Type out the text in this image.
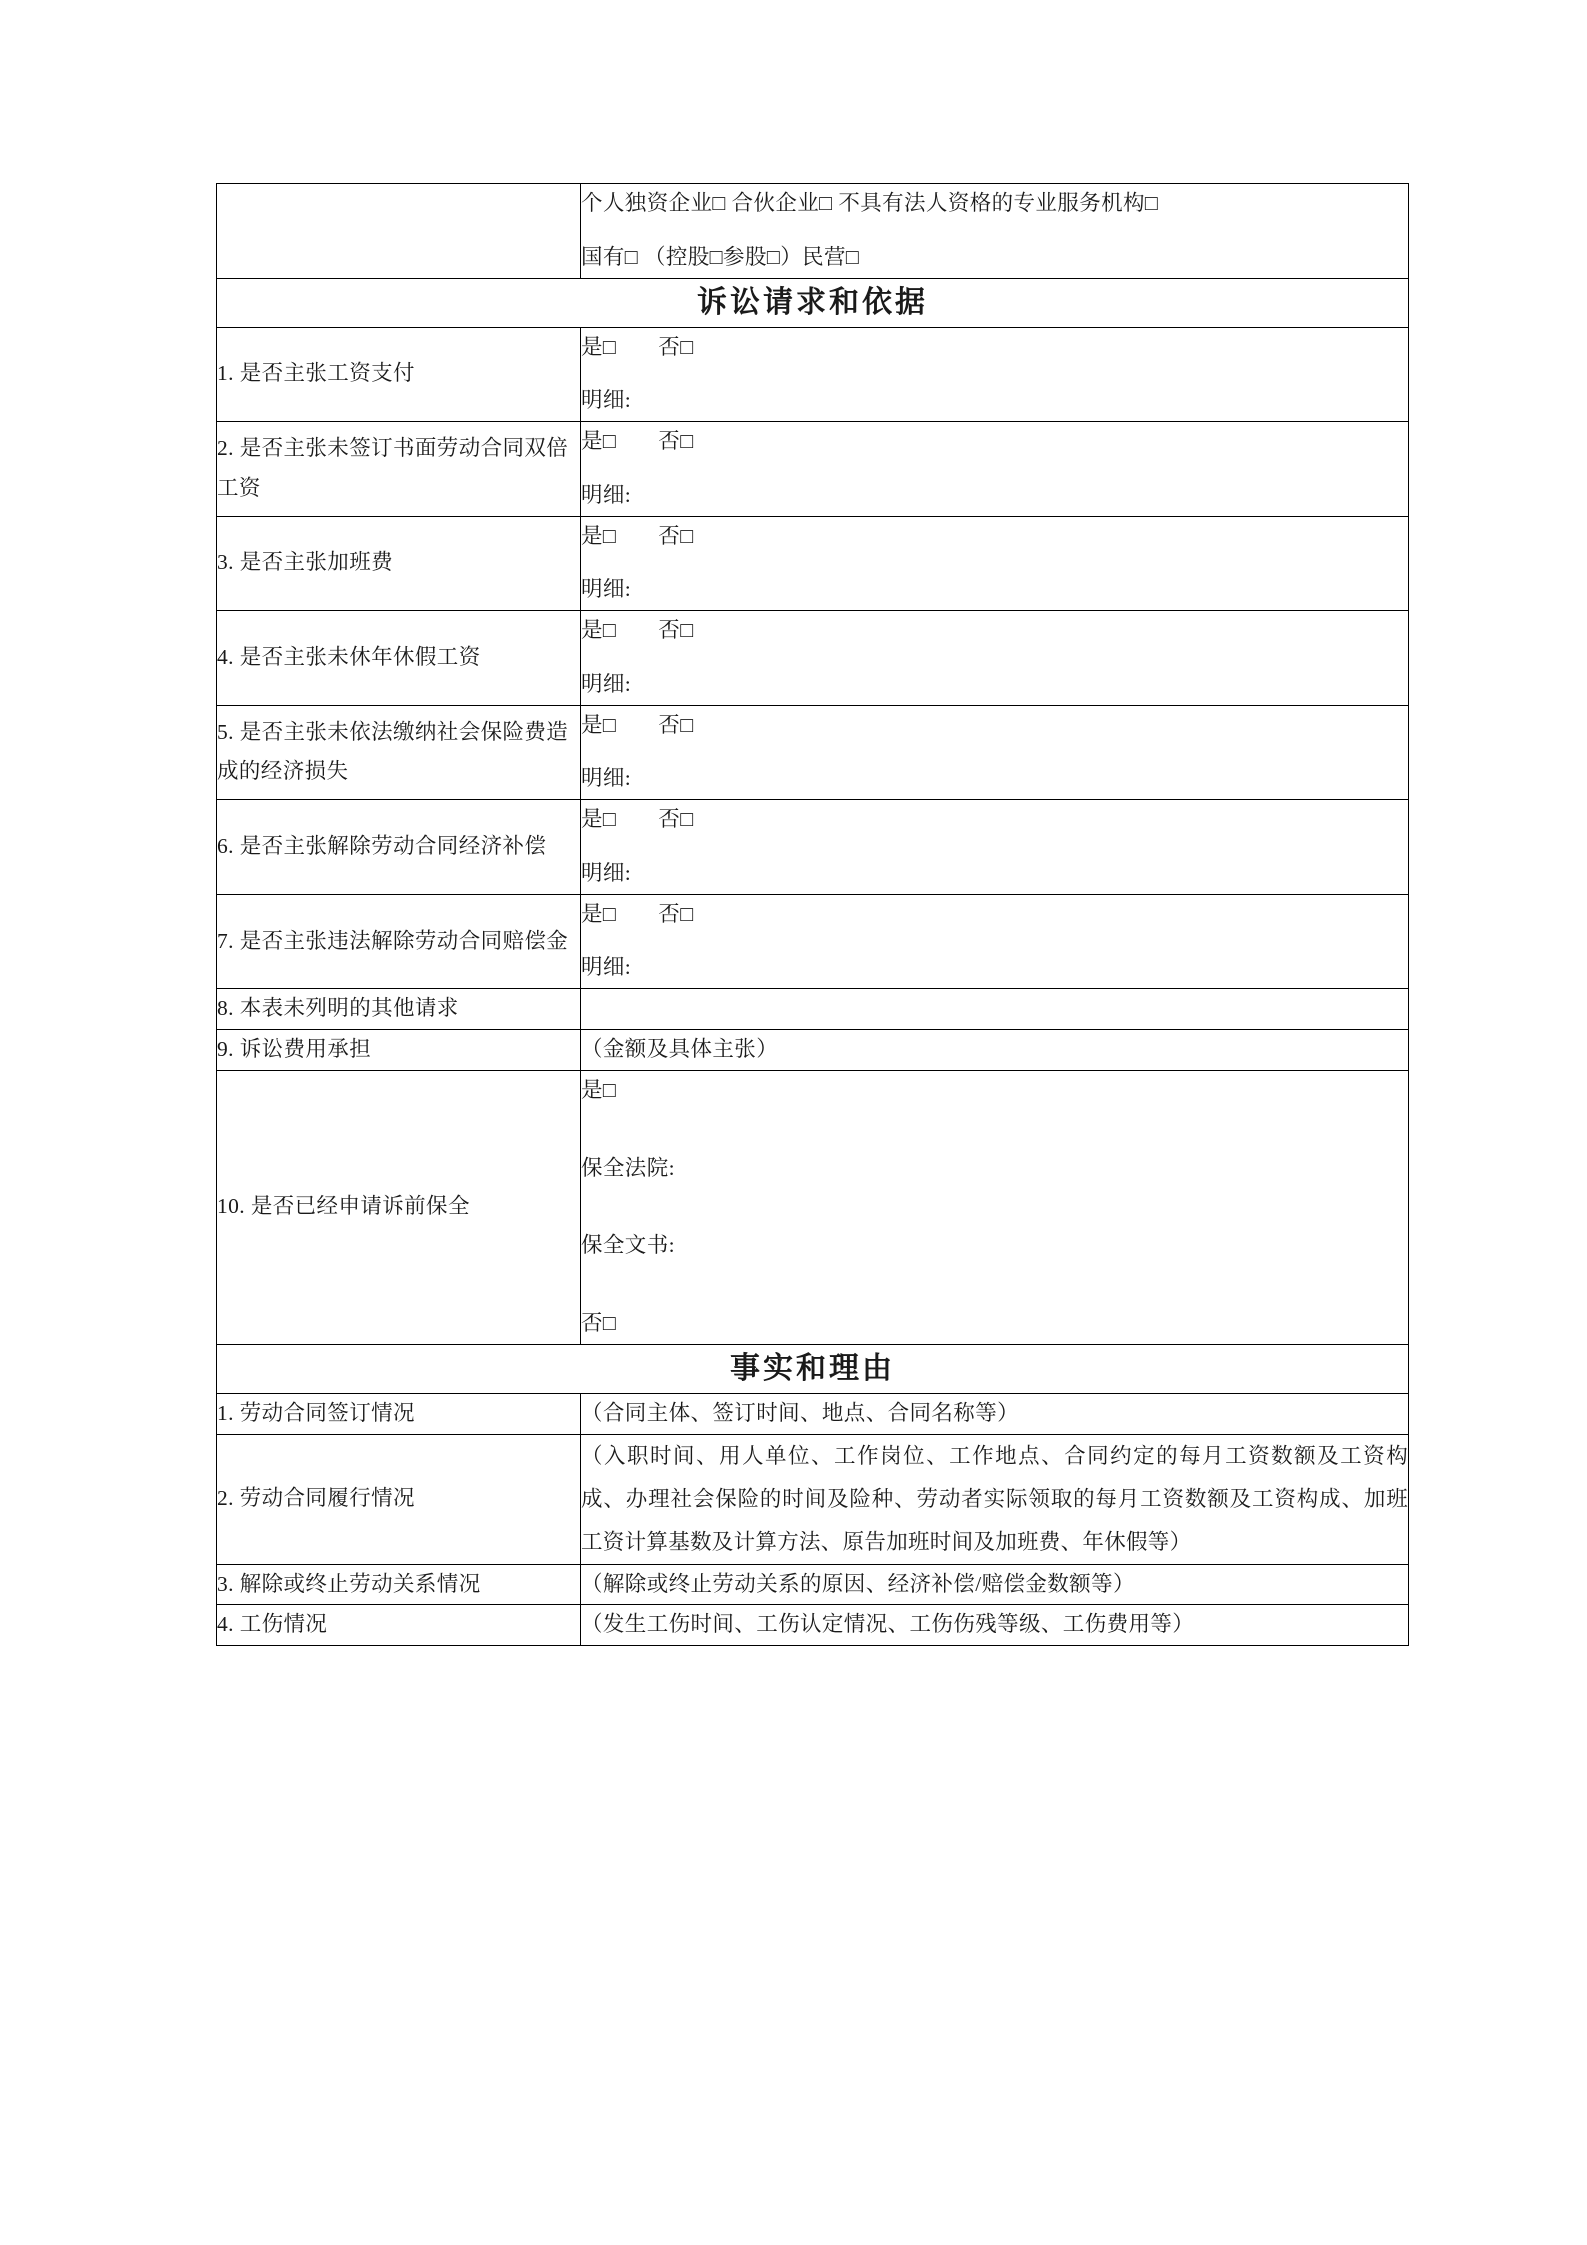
	个人独资企业□ 合伙企业□ 不具有法人资格的专业服务机构□
国有□ （控股□参股□）民营□

诉讼请求和依据	
1. 是否主张工资支付	是□ 否□
明细:

2. 是否主张未签订书面劳动合同双倍工资	是□ 否□
明细:

3. 是否主张加班费	是□ 否□
明细:

4. 是否主张未休年休假工资	是□ 否□
明细:

5. 是否主张未依法缴纳社会保险费造成的经济损失	是□ 否□
明细:

6. 是否主张解除劳动合同经济补偿	是□ 否□
明细:

7. 是否主张违法解除劳动合同赔偿金	是□ 否□
明细:

8. 本表未列明的其他请求	
9. 诉讼费用承担	（金额及具体主张）
10. 是否已经申请诉前保全	是□
保全法院:
保全文书:
否□

事实和理由	
1. 劳动合同签订情况	（合同主体、签订时间、地点、合同名称等）
2. 劳动合同履行情况	（入职时间、用人单位、工作岗位、工作地点、合同约定的每月工资数额及工资构成、办理社会保险的时间及险种、劳动者实际领取的每月工资数额及工资构成、加班工资计算基数及计算方法、原告加班时间及加班费、年休假等）
3. 解除或终止劳动关系情况	（解除或终止劳动关系的原因、经济补偿/赔偿金数额等）
4. 工伤情况	（发生工伤时间、工伤认定情况、工伤伤残等级、工伤费用等）
